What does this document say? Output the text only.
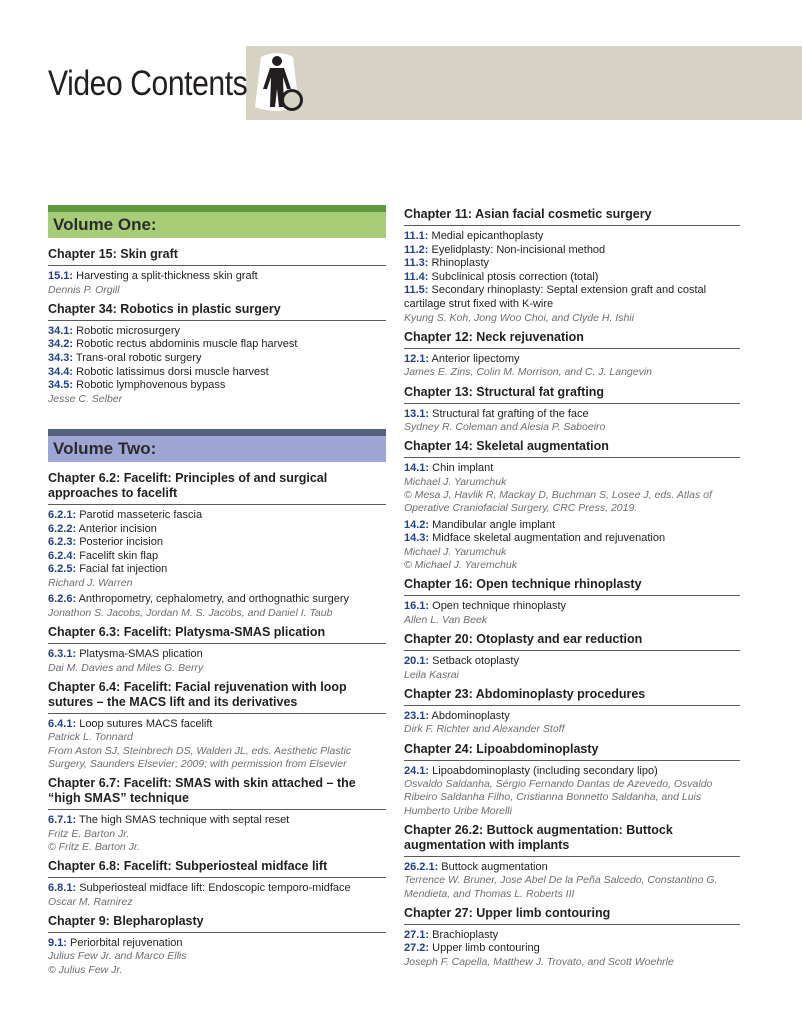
Video Contents
Volume One:
Chapter 15: Skin graft
15.1: Harvesting a split-thickness skin graft
Dennis P. Orgill
Chapter 34: Robotics in plastic surgery
34.1: Robotic microsurgery
34.2: Robotic rectus abdominis muscle flap harvest
34.3: Trans-oral robotic surgery
34.4: Robotic latissimus dorsi muscle harvest
34.5: Robotic lymphovenous bypass
Jesse C. Selber
Volume Two:
Chapter 6.2: Facelift: Principles of and surgical approaches to facelift
6.2.1: Parotid masseteric fascia
6.2.2: Anterior incision
6.2.3: Posterior incision
6.2.4: Facelift skin flap
6.2.5: Facial fat injection
Richard J. Warren
6.2.6: Anthropometry, cephalometry, and orthognathic surgery
Jonathon S. Jacobs, Jordan M. S. Jacobs, and Daniel I. Taub
Chapter 6.3: Facelift: Platysma-SMAS plication
6.3.1: Platysma-SMAS plication
Dai M. Davies and Miles G. Berry
Chapter 6.4: Facelift: Facial rejuvenation with loop sutures – the MACS lift and its derivatives
6.4.1: Loop sutures MACS facelift
Patrick L. Tonnard
From Aston SJ, Steinbrech DS, Walden JL, eds. Aesthetic Plastic Surgery, Saunders Elsevier; 2009; with permission from Elsevier
Chapter 6.7: Facelift: SMAS with skin attached – the “high SMAS” technique
6.7.1: The high SMAS technique with septal reset
Fritz E. Barton Jr.
© Fritz E. Barton Jr.
Chapter 6.8: Facelift: Subperiosteal midface lift
6.8.1: Subperiosteal midface lift: Endoscopic temporo-midface
Oscar M. Ramirez
Chapter 9: Blepharoplasty
9.1: Periorbital rejuvenation
Julius Few Jr. and Marco Ellis
© Julius Few Jr.
Chapter 11: Asian facial cosmetic surgery
11.1: Medial epicanthoplasty
11.2: Eyelidplasty: Non-incisional method
11.3: Rhinoplasty
11.4: Subclinical ptosis correction (total)
11.5: Secondary rhinoplasty: Septal extension graft and costal cartilage strut fixed with K-wire
Kyung S. Koh, Jong Woo Choi, and Clyde H. Ishii
Chapter 12: Neck rejuvenation
12.1: Anterior lipectomy
James E. Zins, Colin M. Morrison, and C. J. Langevin
Chapter 13: Structural fat grafting
13.1: Structural fat grafting of the face
Sydney R. Coleman and Alesia P. Saboeiro
Chapter 14: Skeletal augmentation
14.1: Chin implant
Michael J. Yarumchuk
© Mesa J, Havlik R, Mackay D, Buchman S, Losee J, eds. Atlas of Operative Craniofacial Surgery, CRC Press, 2019.
14.2: Mandibular angle implant
14.3: Midface skeletal augmentation and rejuvenation
Michael J. Yarumchuk
© Michael J. Yaremchuk
Chapter 16: Open technique rhinoplasty
16.1: Open technique rhinoplasty
Allen L. Van Beek
Chapter 20: Otoplasty and ear reduction
20.1: Setback otoplasty
Leila Kasrai
Chapter 23: Abdominoplasty procedures
23.1: Abdominoplasty
Dirk F. Richter and Alexander Stoff
Chapter 24: Lipoabdominoplasty
24.1: Lipoabdominoplasty (including secondary lipo)
Osvaldo Saldanha, Sérgio Fernando Dantas de Azevedo, Osvaldo Ribeiro Saldanha Filho, Cristianna Bonnetto Saldanha, and Luis Humberto Uribe Morelli
Chapter 26.2: Buttock augmentation: Buttock augmentation with implants
26.2.1: Buttock augmentation
Terrence W. Bruner, Jose Abel De la Peña Salcedo, Constantino G. Mendieta, and Thomas L. Roberts III
Chapter 27: Upper limb contouring
27.1: Brachioplasty
27.2: Upper limb contouring
Joseph F. Capella, Matthew J. Trovato, and Scott Woehrle
